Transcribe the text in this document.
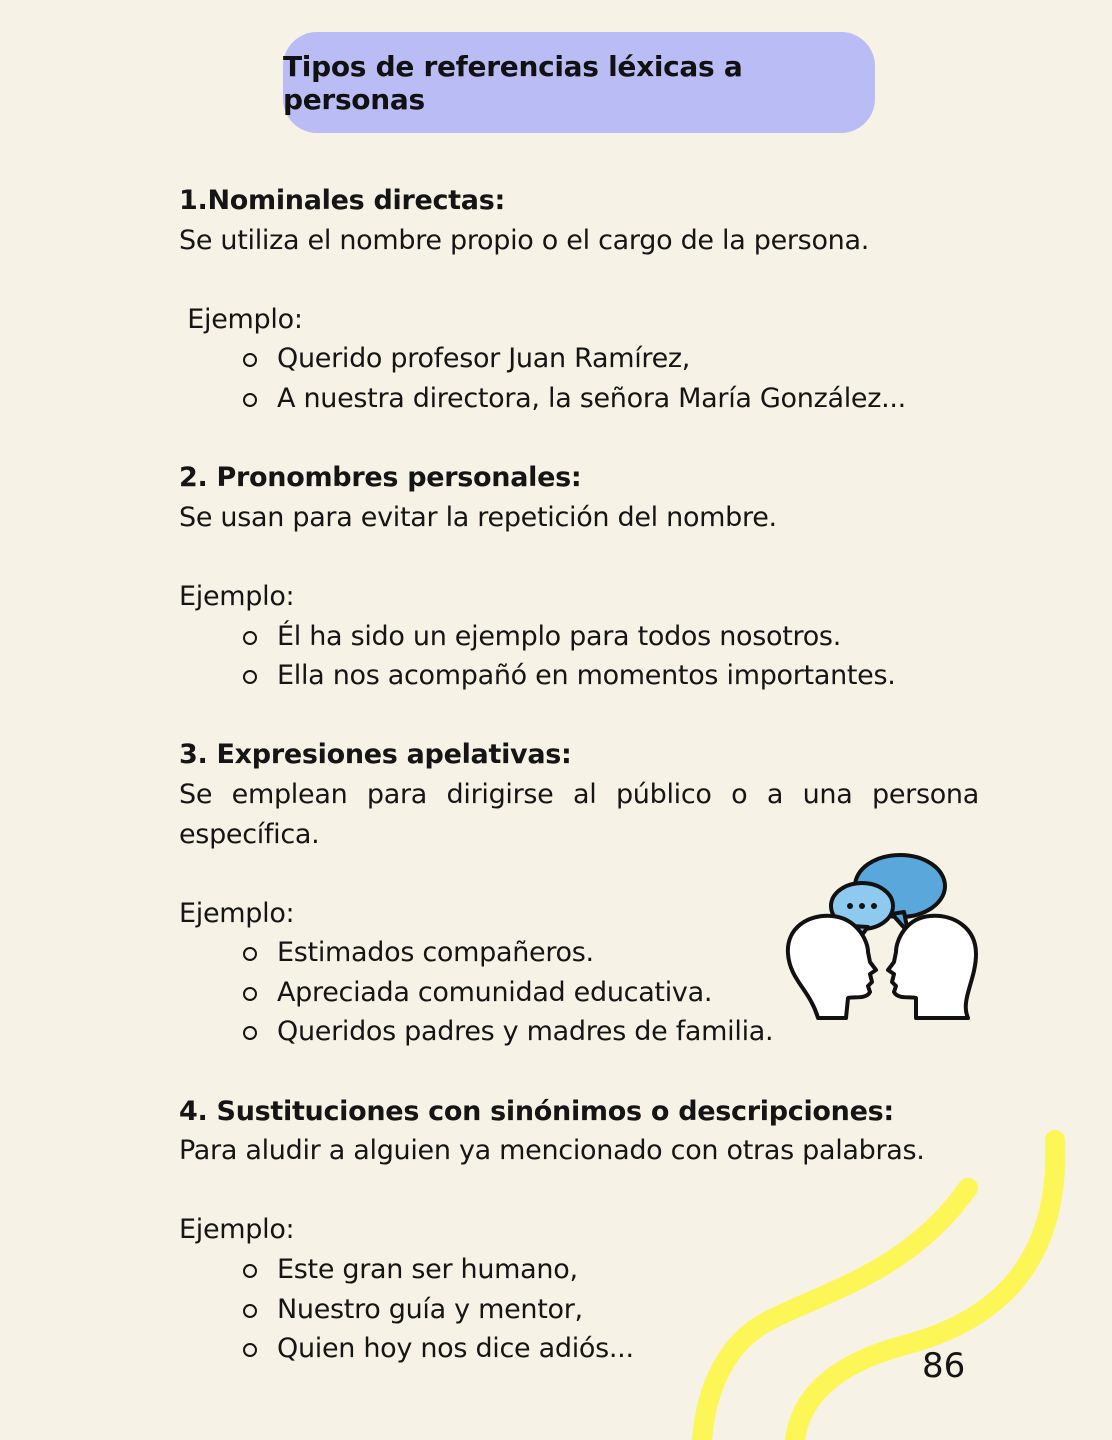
Tipos de referencias léxicas a personas

1.Nominales directas:

Se utiliza el nombre propio o el cargo de la persona.

Ejemplo:

Querido profesor Juan Ramírez,
A nuestra directora, la señora María González...

2. Pronombres personales:

Se usan para evitar la repetición del nombre.

Ejemplo:

Él ha sido un ejemplo para todos nosotros.
Ella nos acompañó en momentos importantes.

3. Expresiones apelativas:

Se emplean para dirigirse al público o a una persona específica.

Ejemplo:

Estimados compañeros.
Apreciada comunidad educativa.
Queridos padres y madres de familia.

4. Sustituciones con sinónimos o descripciones:

Para aludir a alguien ya mencionado con otras palabras.

Ejemplo:

Este gran ser humano,
Nuestro guía y mentor,
Quien hoy nos dice adiós...	86
